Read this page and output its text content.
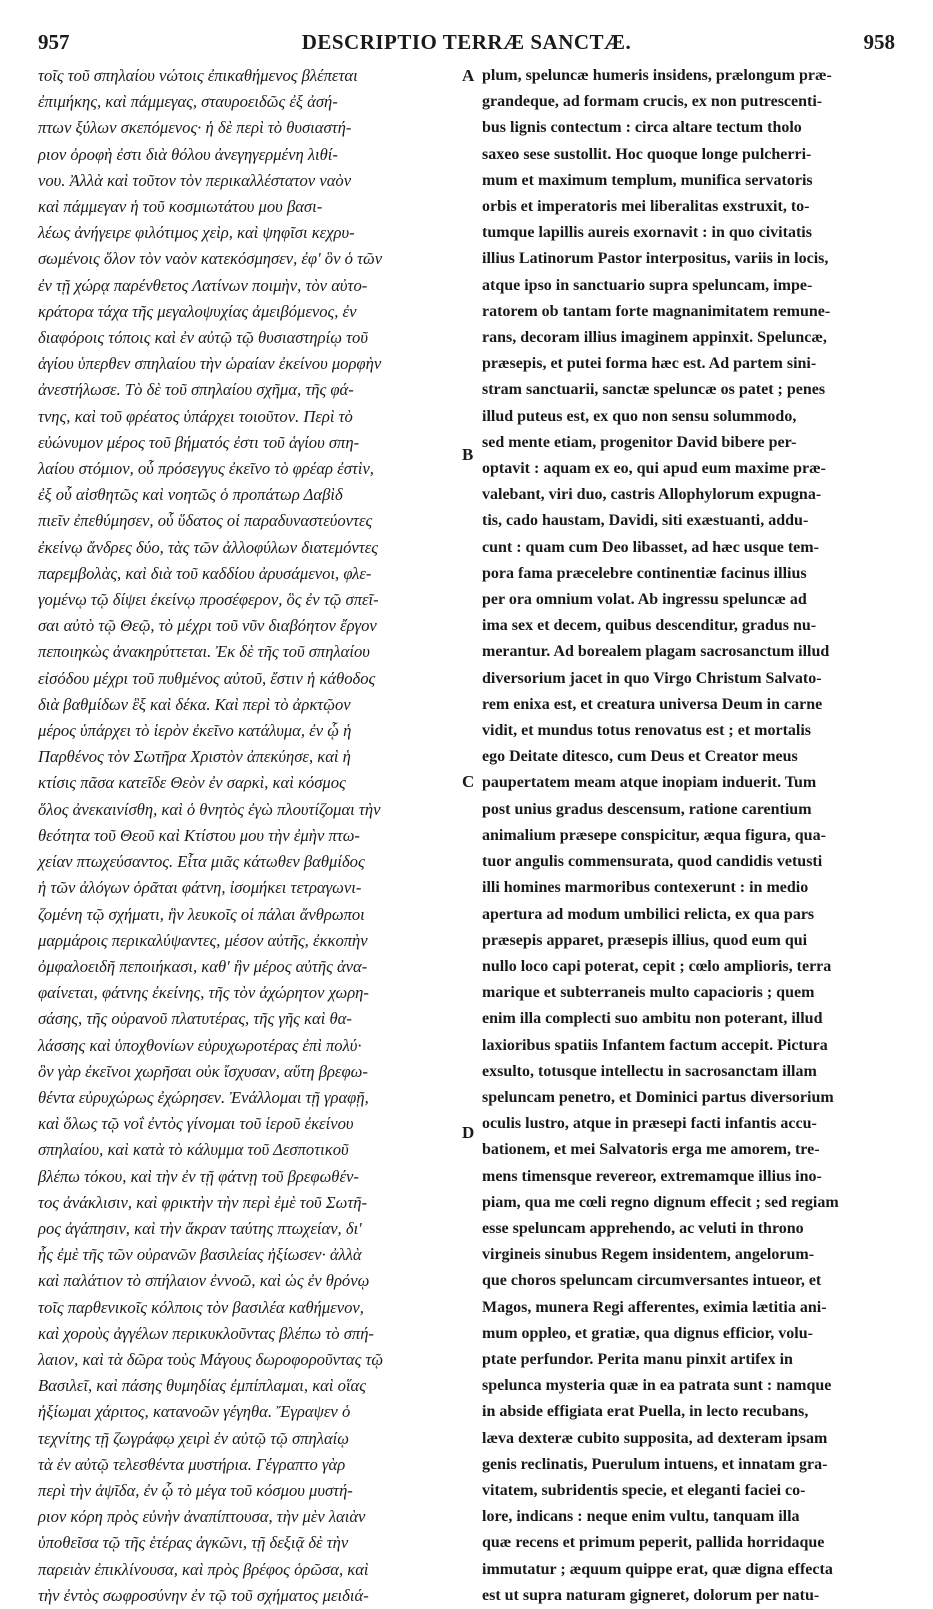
957	DESCRIPTIO TERRÆ SANCTÆ.	958
τοῖς τοῦ σπηλαίου νώτοις ἐπικαθήμενος βλέπεται
ἐπιμήκης, καὶ πάμμεγας, σταυροειδῶς ἐξ ἀσή-
πτων ξύλων σκεπόμενος· ἡ δὲ περὶ τὸ θυσιαστή-
ριον ὀροφὴ ἐστι διὰ θόλου ἀνεγηγερμένη λιθί-
νου. Ἀλλὰ καὶ τοῦτον τὸν περικαλλέστατον ναὸν
καὶ πάμμεγαν ἡ τοῦ κοσμιωτάτου μου βασι-
λέως ἀνήγειρε φιλότιμος χεὶρ, καὶ ψηφῖσι κεχρυ-
σωμένοις ὅλον τὸν ναὸν κατεκόσμησεν, ἐφ' ὃν ὁ τῶν
ἐν τῇ χώρᾳ παρένθετος Λατίνων ποιμὴν, τὸν αὐτο-
κράτορα τάχα τῆς μεγαλοψυχίας ἀμειβόμενος, ἐν
διαφόροις τόποις καὶ ἐν αὐτῷ τῷ θυσιαστηρίῳ τοῦ
ἁγίου ὑπερθεν σπηλαίου τὴν ὡραίαν ἐκείνου μορφὴν
ἀνεστήλωσε. Τὸ δὲ τοῦ σπηλαίου σχῆμα, τῆς φά-
τνης, καὶ τοῦ φρέατος ὑπάρχει τοιοῦτον. Περὶ τὸ
εὐώνυμον μέρος τοῦ βήματός ἐστι τοῦ ἁγίου σπη-
λαίου στόμιον, οὗ πρόσεγγυς ἐκεῖνο τὸ φρέαρ ἐστὶν,
ἐξ οὗ αἰσθητῶς καὶ νοητῶς ὁ προπάτωρ Δαβὶδ
πιεῖν ἐπεθύμησεν, οὗ ὕδατος οἱ παραδυναστεύοντες
ἐκείνῳ ἄνδρες δύο, τὰς τῶν ἀλλοφύλων διατεμόντες
παρεμβολὰς, καὶ διὰ τοῦ καδδίου ἀρυσάμενοι, φλε-
γομένῳ τῷ δίψει ἐκείνῳ προσέφερον, ὃς ἐν τῷ σπεῖ-
σαι αὐτὸ τῷ Θεῷ, τὸ μέχρι τοῦ νῦν διαβόητον ἔργον
πεποιηκὼς ἀνακηρύττεται. Ἐκ δὲ τῆς τοῦ σπηλαίου
εἰσόδου μέχρι τοῦ πυθμένος αὐτοῦ, ἔστιν ἡ κάθοδος
διὰ βαθμίδων ἓξ καὶ δέκα. Καὶ περὶ τὸ ἀρκτῷον
μέρος ὑπάρχει τὸ ἱερὸν ἐκεῖνο κατάλυμα, ἐν ᾧ ἡ
Παρθένος τὸν Σωτῆρα Χριστὸν ἀπεκύησε, καὶ ἡ
κτίσις πᾶσα κατεῖδε Θεὸν ἐν σαρκὶ, καὶ κόσμος
ὅλος ἀνεκαινίσθη, καὶ ὁ θνητὸς ἐγὼ πλουτίζομαι τὴν
θεότητα τοῦ Θεοῦ καὶ Κτίστου μου τὴν ἐμὴν πτω-
χείαν πτωχεύσαντος. Εἶτα μιᾶς κάτωθεν βαθμίδος
ἡ τῶν ἀλόγων ὁρᾶται φάτνη, ἰσομήκει τετραγωνι-
ζομένη τῷ σχήματι, ἣν λευκοῖς οἱ πάλαι ἄνθρωποι
μαρμάροις περικαλύψαντες, μέσον αὐτῆς, ἐκκοπὴν
ὀμφαλοειδῆ πεποιήκασι, καθ' ἣν μέρος αὐτῆς ἀνα-
φαίνεται, φάτνης ἐκείνης, τῆς τὸν ἀχώρητον χωρη-
σάσης, τῆς οὐρανοῦ πλατυτέρας, τῆς γῆς καὶ θα-
λάσσης καὶ ὑποχθονίων εὐρυχωροτέρας ἐπὶ πολύ·
ὃν γὰρ ἐκεῖνοι χωρῆσαι οὐκ ἴσχυσαν, αὕτη βρεφω-
θέντα εὐρυχώρως ἐχώρησεν. Ἐνάλλομαι τῇ γραφῇ,
καὶ ὅλως τῷ νοΐ ἐντὸς γίνομαι τοῦ ἱεροῦ ἐκείνου
σπηλαίου, καὶ κατὰ τὸ κάλυμμα τοῦ Δεσποτικοῦ
βλέπω τόκου, καὶ τὴν ἐν τῇ φάτνῃ τοῦ βρεφωθέν-
τος ἀνάκλισιν, καὶ φρικτὴν τὴν περὶ ἐμὲ τοῦ Σωτῆ-
ρος ἀγάπησιν, καὶ τὴν ἄκραν ταύτης πτωχείαν, δι'
ἧς ἐμὲ τῆς τῶν οὐρανῶν βασιλείας ἠξίωσεν· ἀλλὰ
καὶ παλάτιον τὸ σπήλαιον ἐννοῶ, καὶ ὡς ἐν θρόνῳ
τοῖς παρθενικοῖς κόλποις τὸν βασιλέα καθήμενον,
καὶ χοροὺς ἀγγέλων περικυκλοῦντας βλέπω τὸ σπή-
λαιον, καὶ τὰ δῶρα τοὺς Μάγους δωροφοροῦντας τῷ
Βασιλεῖ, καὶ πάσης θυμηδίας ἐμπίπλαμαι, καὶ οἵας
ἠξίωμαι χάριτος, κατανοῶν γέγηθα. Ἔγραψεν ὁ
τεχνίτης τῇ ζωγράφῳ χειρὶ ἐν αὐτῷ τῷ σπηλαίῳ
τὰ ἐν αὐτῷ τελεσθέντα μυστήρια. Γέγραπτο γὰρ
περὶ τὴν ἀψῖδα, ἐν ᾧ τὸ μέγα τοῦ κόσμου μυστή-
ριον κόρη πρὸς εὐνὴν ἀναπίπτουσα, τὴν μὲν λαιὰν
ὑποθεῖσα τῷ τῆς ἑτέρας ἀγκῶνι, τῇ δεξιᾷ δὲ τὴν
παρειὰν ἐπικλίνουσα, καὶ πρὸς βρέφος ὁρῶσα, καὶ
τὴν ἐντὸς σωφροσύνην ἐν τῷ τοῦ σχήματος μειδιά-
A
B
C
D
plum, speluncæ humeris insidens, prælongum præ-
grandeque, ad formam crucis, ex non putrescenti-
bus lignis contectum : circa altare tectum tholo
saxeo sese sustollit. Hoc quoque longe pulcherri-
mum et maximum templum, munifica servatoris
orbis et imperatoris mei liberalitas exstruxit, to-
tumque lapillis aureis exornavit : in quo civitatis
illius Latinorum Pastor interpositus, variis in locis,
atque ipso in sanctuario supra speluncam, impe-
ratorem ob tantam forte magnanimitatem remune-
rans, decoram illius imaginem appinxit. Speluncæ,
præsepis, et putei forma hæc est. Ad partem sini-
stram sanctuarii, sanctæ speluncæ os patet ; penes
illud puteus est, ex quo non sensu solummodo,
sed mente etiam, progenitor David bibere per-
optavit : aquam ex eo, qui apud eum maxime præ-
valebant, viri duo, castris Allophylorum expugna-
tis, cado haustam, Davidi, siti exæstuanti, addu-
cunt : quam cum Deo libasset, ad hæc usque tem-
pora fama præcelebre continentiæ facinus illius
per ora omnium volat. Ab ingressu speluncæ ad
ima sex et decem, quibus descenditur, gradus nu-
merantur. Ad borealem plagam sacrosanctum illud
diversorium jacet in quo Virgo Christum Salvato-
rem enixa est, et creatura universa Deum in carne
vidit, et mundus totus renovatus est ; et mortalis
ego Deitate ditesco, cum Deus et Creator meus
paupertatem meam atque inopiam induerit. Tum
post unius gradus descensum, ratione carentium
animalium præsepe conspicitur, æqua figura, qua-
tuor angulis commensurata, quod candidis vetusti
illi homines marmoribus contexerunt : in medio
apertura ad modum umbilici relicta, ex qua pars
præsepis apparet, præsepis illius, quod eum qui
nullo loco capi poterat, cepit ; cœlo amplioris, terra
marique et subterraneis multo capacioris ; quem
enim illa complecti suo ambitu non poterant, illud
laxioribus spatiis Infantem factum accepit. Pictura
exsulto, totusque intellectu in sacrosanctam illam
speluncam penetro, et Dominici partus diversorium
oculis lustro, atque in præsepi facti infantis accu-
bationem, et mei Salvatoris erga me amorem, tre-
mens timensque revereor, extremamque illius ino-
piam, qua me cœli regno dignum effecit ; sed regiam
esse speluncam apprehendo, ac veluti in throno
virgineis sinubus Regem insidentem, angelorum-
que choros speluncam circumversantes intueor, et
Magos, munera Regi afferentes, eximia lætitia ani-
mum oppleo, et gratiæ, qua dignus efficior, volu-
ptate perfundor. Perita manu pinxit artifex in
spelunca mysteria quæ in ea patrata sunt : namque
in abside effigiata erat Puella, in lecto recubans,
læva dexteræ cubito supposita, ad dexteram ipsam
genis reclinatis, Puerulum intuens, et innatam gra-
vitatem, subridentis specie, et eleganti faciei co-
lore, indicans : neque enim vultu, tanquam illa
quæ recens et primum peperit, pallida horridaque
immutatur ; æquum quippe erat, quæ digna effecta
est ut supra naturam gigneret, dolorum per natu-
